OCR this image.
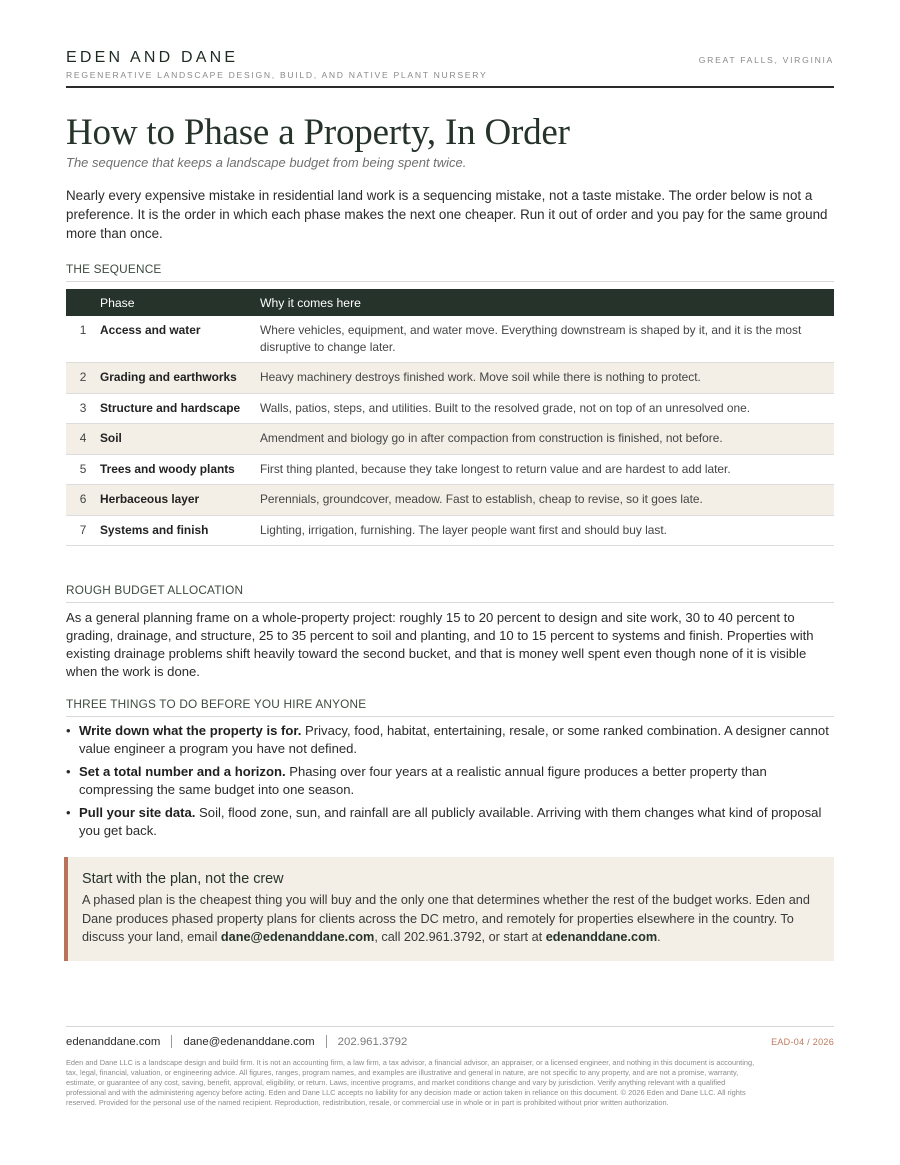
EDEN AND DANE
REGENERATIVE LANDSCAPE DESIGN, BUILD, AND NATIVE PLANT NURSERY
GREAT FALLS, VIRGINIA
How to Phase a Property, In Order
The sequence that keeps a landscape budget from being spent twice.

Nearly every expensive mistake in residential land work is a sequencing mistake, not a taste mistake. The order below is not a preference. It is the order in which each phase makes the next one cheaper. Run it out of order and you pay for the same ground more than once.

THE SEQUENCE
	Phase	Why it comes here
1	Access and water	Where vehicles, equipment, and water move. Everything downstream is shaped by it, and it is the most disruptive to change later.
2	Grading and earthworks	Heavy machinery destroys finished work. Move soil while there is nothing to protect.
3	Structure and hardscape	Walls, patios, steps, and utilities. Built to the resolved grade, not on top of an unresolved one.
4	Soil	Amendment and biology go in after compaction from construction is finished, not before.
5	Trees and woody plants	First thing planted, because they take longest to return value and are hardest to add later.
6	Herbaceous layer	Perennials, groundcover, meadow. Fast to establish, cheap to revise, so it goes late.
7	Systems and finish	Lighting, irrigation, furnishing. The layer people want first and should buy last.
ROUGH BUDGET ALLOCATION

As a general planning frame on a whole-property project: roughly 15 to 20 percent to design and site work, 30 to 40 percent to grading, drainage, and structure, 25 to 35 percent to soil and planting, and 10 to 15 percent to systems and finish. Properties with existing drainage problems shift heavily toward the second bucket, and that is money well spent even though none of it is visible when the work is done.

THREE THINGS TO DO BEFORE YOU HIRE ANYONE
• Write down what the property is for. Privacy, food, habitat, entertaining, resale, or some ranked combination. A designer cannot value engineer a program you have not defined.
• Set a total number and a horizon. Phasing over four years at a realistic annual figure produces a better property than compressing the same budget into one season.
• Pull your site data. Soil, flood zone, sun, and rainfall are all publicly available. Arriving with them changes what kind of proposal you get back.
Start with the plan, not the crew
A phased plan is the cheapest thing you will buy and the only one that determines whether the rest of the budget works. Eden and Dane produces phased property plans for clients across the DC metro, and remotely for properties elsewhere in the country. To discuss your land, email dane@edenanddane.com, call 202.961.3792, or start at edenanddane.com.
edenanddane.com dane@edenanddane.com 202.961.3792	EAD-04 / 2026
Eden and Dane LLC is a landscape design and build firm. It is not an accounting firm, a law firm, a tax advisor, a financial advisor, an appraiser, or a licensed engineer, and nothing in this document is accounting, tax, legal, financial, valuation, or engineering advice. All figures, ranges, program names, and examples are illustrative and general in nature, are not specific to any property, and are not a promise, warranty, estimate, or guarantee of any cost, saving, benefit, approval, eligibility, or return. Laws, incentive programs, and market conditions change and vary by jurisdiction. Verify anything relevant with a qualified professional and with the administering agency before acting. Eden and Dane LLC accepts no liability for any decision made or action taken in reliance on this document. © 2026 Eden and Dane LLC. All rights reserved. Provided for the personal use of the named recipient. Reproduction, redistribution, resale, or commercial use in whole or in part is prohibited without prior written authorization.
